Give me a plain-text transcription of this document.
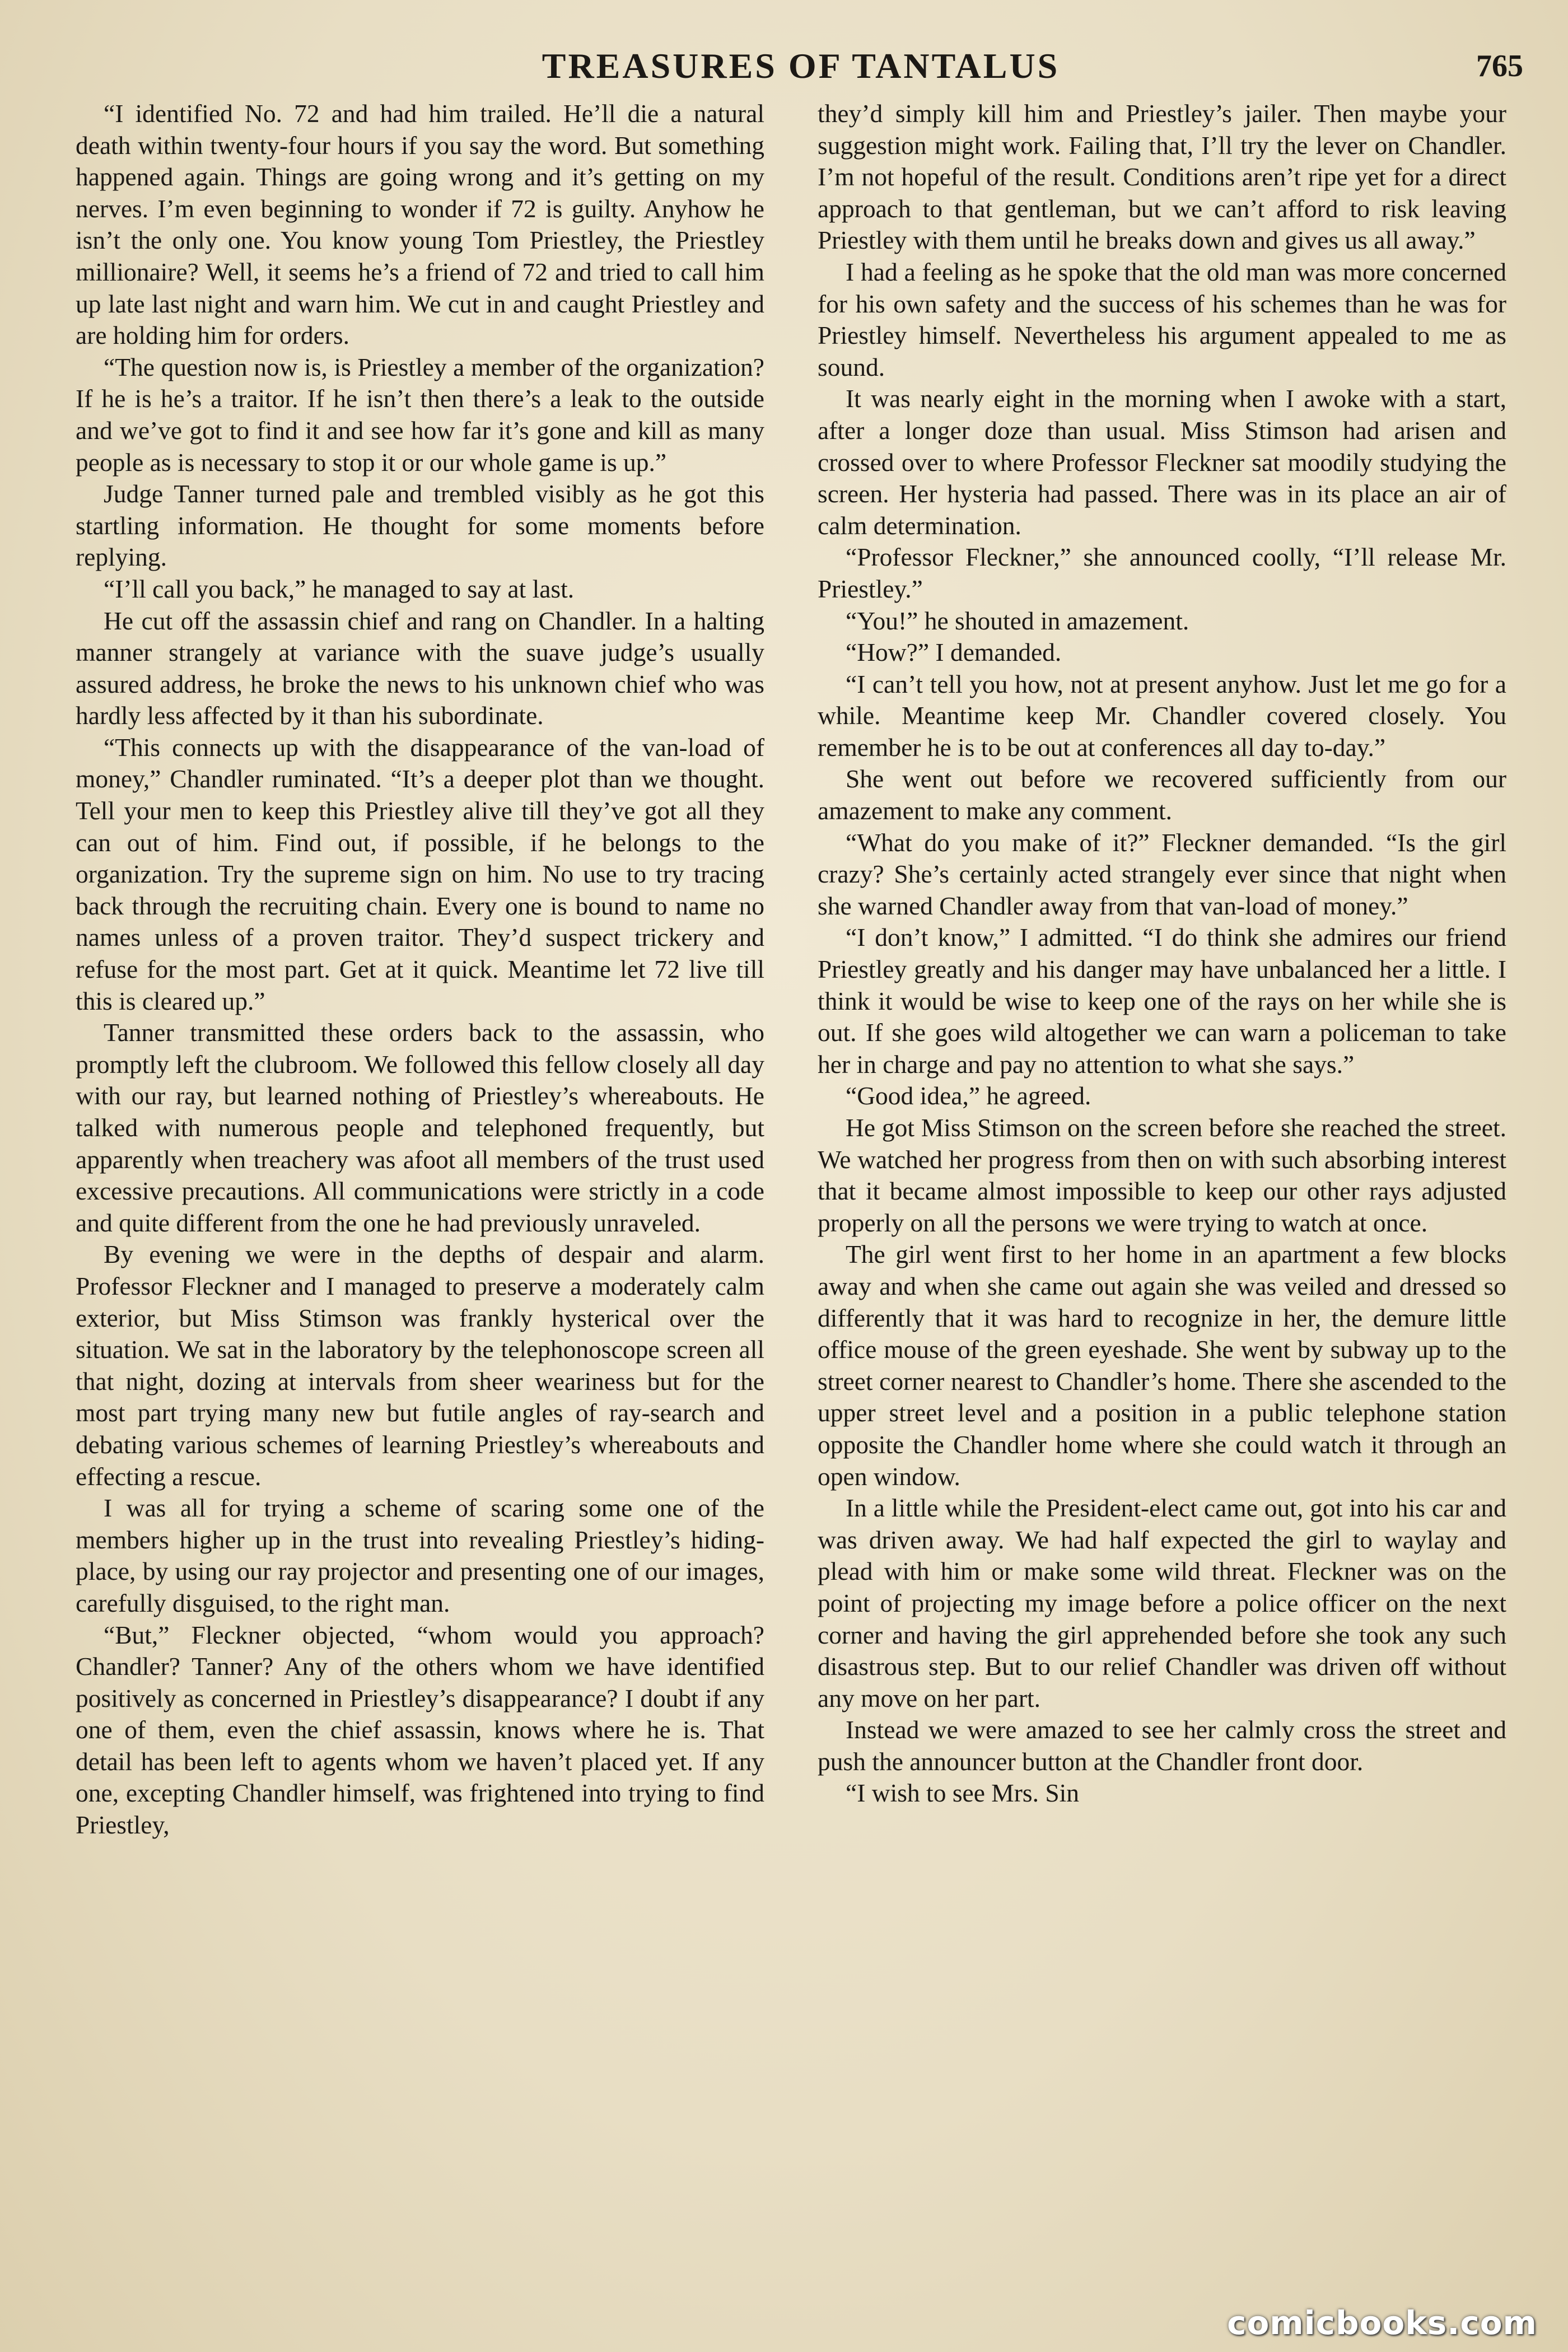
TREASURES OF TANTALUS	765

“I identified No. 72 and had him trailed. He’ll die a natural death within twenty-four hours if you say the word. But something happened again. Things are going wrong and it’s getting on my nerves. I’m even beginning to wonder if 72 is guilty. Anyhow he isn’t the only one. You know young Tom Priestley, the Priestley millionaire? Well, it seems he’s a friend of 72 and tried to call him up late last night and warn him. We cut in and caught Priestley and are holding him for orders.

“The question now is, is Priestley a member of the organization? If he is he’s a traitor. If he isn’t then there’s a leak to the outside and we’ve got to find it and see how far it’s gone and kill as many people as is necessary to stop it or our whole game is up.”

Judge Tanner turned pale and trembled visibly as he got this startling information. He thought for some moments before replying.

“I’ll call you back,” he managed to say at last.

He cut off the assassin chief and rang on Chandler. In a halting manner strangely at variance with the suave judge’s usually assured address, he broke the news to his unknown chief who was hardly less affected by it than his subordinate.

“This connects up with the disappearance of the van-load of money,” Chandler ruminated. “It’s a deeper plot than we thought. Tell your men to keep this Priestley alive till they’ve got all they can out of him. Find out, if possible, if he belongs to the organization. Try the supreme sign on him. No use to try tracing back through the recruiting chain. Every one is bound to name no names unless of a proven traitor. They’d suspect trickery and refuse for the most part. Get at it quick. Meantime let 72 live till this is cleared up.”

Tanner transmitted these orders back to the assassin, who promptly left the clubroom. We followed this fellow closely all day with our ray, but learned nothing of Priestley’s whereabouts. He talked with numerous people and telephoned frequently, but apparently when treachery was afoot all members of the trust used excessive precautions. All communications were strictly in a code and quite different from the one he had previously unraveled.

By evening we were in the depths of despair and alarm. Professor Fleckner and I managed to preserve a moderately calm exterior, but Miss Stimson was frankly hysterical over the situation. We sat in the laboratory by the telephonoscope screen all that night, dozing at intervals from sheer weariness but for the most part trying many new but futile angles of ray-search and debating various schemes of learning Priestley’s whereabouts and effecting a rescue.

I was all for trying a scheme of scaring some one of the members higher up in the trust into revealing Priestley’s hiding-place, by using our ray projector and presenting one of our images, carefully disguised, to the right man.

“But,” Fleckner objected, “whom would you approach? Chandler? Tanner? Any of the others whom we have identified positively as concerned in Priestley’s disappearance? I doubt if any one of them, even the chief assassin, knows where he is. That detail has been left to agents whom we haven’t placed yet. If any one, excepting Chandler himself, was frightened into trying to find Priestley,

they’d simply kill him and Priestley’s jailer. Then maybe your suggestion might work. Failing that, I’ll try the lever on Chandler. I’m not hopeful of the result. Conditions aren’t ripe yet for a direct approach to that gentleman, but we can’t afford to risk leaving Priestley with them until he breaks down and gives us all away.”

I had a feeling as he spoke that the old man was more concerned for his own safety and the success of his schemes than he was for Priestley himself. Nevertheless his argument appealed to me as sound.

It was nearly eight in the morning when I awoke with a start, after a longer doze than usual. Miss Stimson had arisen and crossed over to where Professor Fleckner sat moodily studying the screen. Her hysteria had passed. There was in its place an air of calm determination.

“Professor Fleckner,” she announced coolly, “I’ll release Mr. Priestley.”

“You!” he shouted in amazement.

“How?” I demanded.

“I can’t tell you how, not at present anyhow. Just let me go for a while. Meantime keep Mr. Chandler covered closely. You remember he is to be out at conferences all day to-day.”

She went out before we recovered sufficiently from our amazement to make any comment.

“What do you make of it?” Fleckner demanded. “Is the girl crazy? She’s certainly acted strangely ever since that night when she warned Chandler away from that van-load of money.”

“I don’t know,” I admitted. “I do think she admires our friend Priestley greatly and his danger may have unbalanced her a little. I think it would be wise to keep one of the rays on her while she is out. If she goes wild altogether we can warn a policeman to take her in charge and pay no attention to what she says.”

“Good idea,” he agreed.

He got Miss Stimson on the screen before she reached the street. We watched her progress from then on with such absorbing interest that it became almost impossible to keep our other rays adjusted properly on all the persons we were trying to watch at once.

The girl went first to her home in an apartment a few blocks away and when she came out again she was veiled and dressed so differently that it was hard to recognize in her, the demure little office mouse of the green eyeshade. She went by subway up to the street corner nearest to Chandler’s home. There she ascended to the upper street level and a position in a public telephone station opposite the Chandler home where she could watch it through an open window.

In a little while the President-elect came out, got into his car and was driven away. We had half expected the girl to waylay and plead with him or make some wild threat. Fleckner was on the point of projecting my image before a police officer on the next corner and having the girl apprehended before she took any such disastrous step. But to our relief Chandler was driven off without any move on her part.

Instead we were amazed to see her calmly cross the street and push the announcer button at the Chandler front door.

“I wish to see Mrs. Sin

comicbooks.com
